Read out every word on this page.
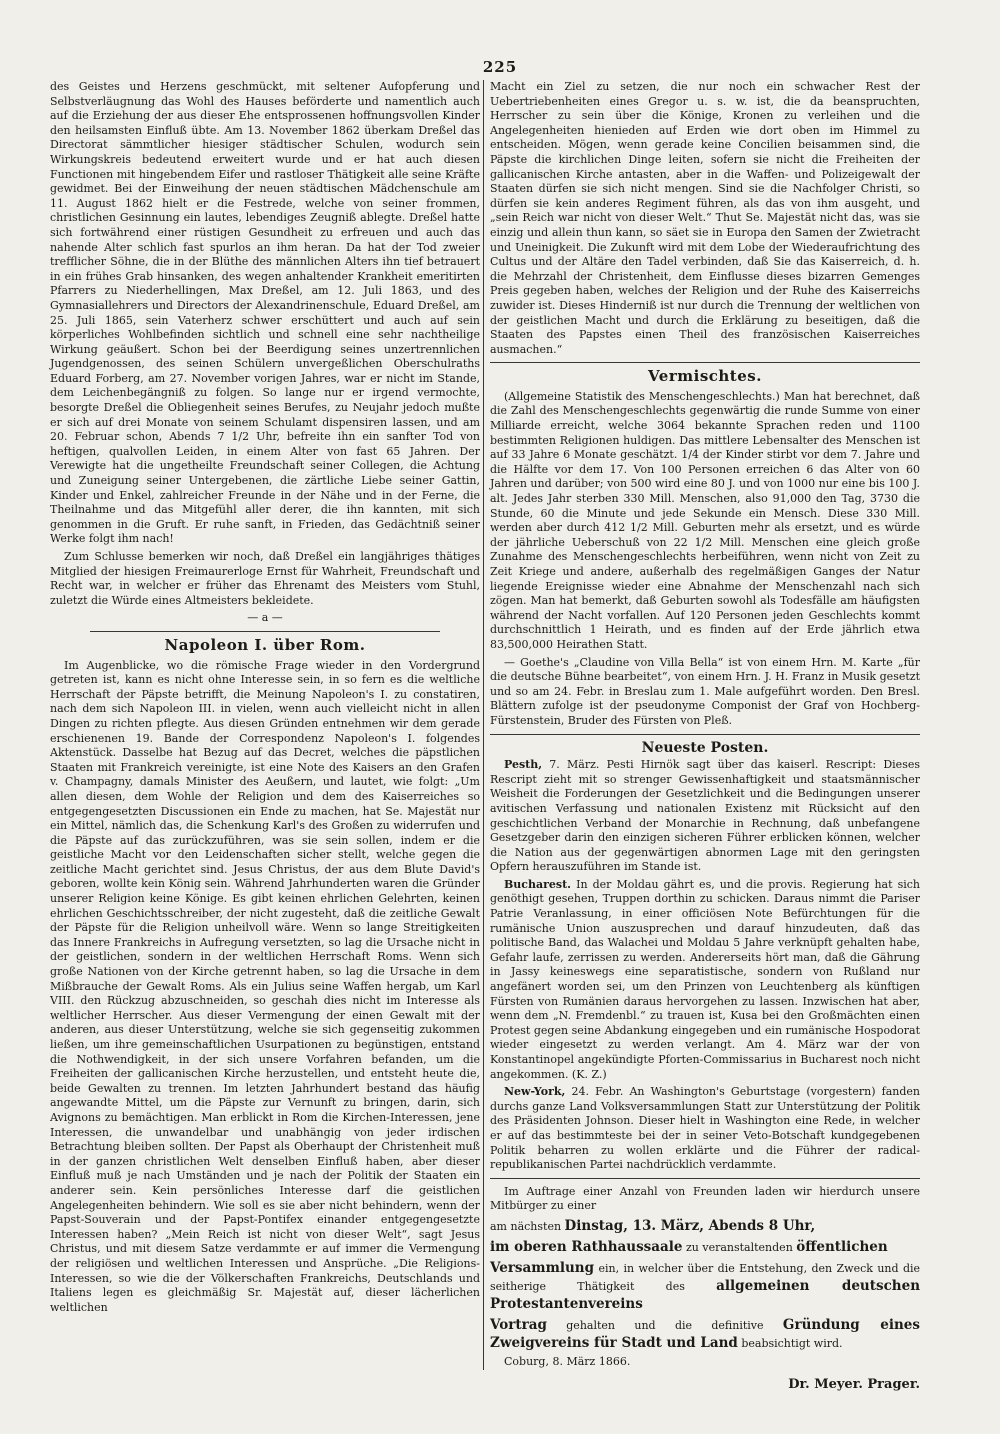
225

des Geistes und Herzens geschmückt, mit seltener Aufopferung und Selbstverläugnung das Wohl des Hauses beförderte und namentlich auch auf die Erziehung der aus dieser Ehe entsprossenen hoffnungsvollen Kinder den heilsamsten Einfluß übte. Am 13. November 1862 überkam Dreßel das Directorat sämmtlicher hiesiger städtischer Schulen, wodurch sein Wirkungskreis bedeutend erweitert wurde und er hat auch diesen Functionen mit hingebendem Eifer und rastloser Thätigkeit alle seine Kräfte gewidmet. Bei der Einweihung der neuen städtischen Mädchenschule am 11. August 1862 hielt er die Festrede, welche von seiner frommen, christlichen Gesinnung ein lautes, lebendiges Zeugniß ablegte. Dreßel hatte sich fortwährend einer rüstigen Gesundheit zu erfreuen und auch das nahende Alter schlich fast spurlos an ihm heran. Da hat der Tod zweier trefflicher Söhne, die in der Blüthe des männlichen Alters ihn tief betrauert in ein frühes Grab hinsanken, des wegen anhaltender Krankheit emeritirten Pfarrers zu Niederhellingen, Max Dreßel, am 12. Juli 1863, und des Gymnasiallehrers und Directors der Alexandrinenschule, Eduard Dreßel, am 25. Juli 1865, sein Vaterherz schwer erschüttert und auch auf sein körperliches Wohlbefinden sichtlich und schnell eine sehr nachtheilige Wirkung geäußert. Schon bei der Beerdigung seines unzertrennlichen Jugendgenossen, des seinen Schülern unvergeßlichen Oberschulraths Eduard Forberg, am 27. November vorigen Jahres, war er nicht im Stande, dem Leichenbegängniß zu folgen. So lange nur er irgend vermochte, besorgte Dreßel die Obliegenheit seines Berufes, zu Neujahr jedoch mußte er sich auf drei Monate von seinem Schulamt dispensiren lassen, und am 20. Februar schon, Abends 7 1/2 Uhr, befreite ihn ein sanfter Tod von heftigen, qualvollen Leiden, in einem Alter von fast 65 Jahren. Der Verewigte hat die ungetheilte Freundschaft seiner Collegen, die Achtung und Zuneigung seiner Untergebenen, die zärtliche Liebe seiner Gattin, Kinder und Enkel, zahlreicher Freunde in der Nähe und in der Ferne, die Theilnahme und das Mitgefühl aller derer, die ihn kannten, mit sich genommen in die Gruft. Er ruhe sanft, in Frieden, das Gedächtniß seiner Werke folgt ihm nach!

Zum Schlusse bemerken wir noch, daß Dreßel ein langjähriges thätiges Mitglied der hiesigen Freimaurerloge Ernst für Wahrheit, Freundschaft und Recht war, in welcher er früher das Ehrenamt des Meisters vom Stuhl, zuletzt die Würde eines Altmeisters bekleidete.

— a —
Napoleon I. über Rom.

Im Augenblicke, wo die römische Frage wieder in den Vordergrund getreten ist, kann es nicht ohne Interesse sein, in so fern es die weltliche Herrschaft der Päpste betrifft, die Meinung Napoleon's I. zu constatiren, nach dem sich Napoleon III. in vielen, wenn auch vielleicht nicht in allen Dingen zu richten pflegte. Aus diesen Gründen entnehmen wir dem gerade erschienenen 19. Bande der Correspondenz Napoleon's I. folgendes Aktenstück. Dasselbe hat Bezug auf das Decret, welches die päpstlichen Staaten mit Frankreich vereinigte, ist eine Note des Kaisers an den Grafen v. Champagny, damals Minister des Aeußern, und lautet, wie folgt: „Um allen diesen, dem Wohle der Religion und dem des Kaiserreiches so entgegengesetzten Discussionen ein Ende zu machen, hat Se. Majestät nur ein Mittel, nämlich das, die Schenkung Karl's des Großen zu widerrufen und die Päpste auf das zurückzuführen, was sie sein sollen, indem er die geistliche Macht vor den Leidenschaften sicher stellt, welche gegen die zeitliche Macht gerichtet sind. Jesus Christus, der aus dem Blute David's geboren, wollte kein König sein. Während Jahrhunderten waren die Gründer unserer Religion keine Könige. Es gibt keinen ehrlichen Gelehrten, keinen ehrlichen Geschichtsschreiber, der nicht zugesteht, daß die zeitliche Gewalt der Päpste für die Religion unheilvoll wäre. Wenn so lange Streitigkeiten das Innere Frankreichs in Aufregung versetzten, so lag die Ursache nicht in der geistlichen, sondern in der weltlichen Herrschaft Roms. Wenn sich große Nationen von der Kirche getrennt haben, so lag die Ursache in dem Mißbrauche der Gewalt Roms. Als ein Julius seine Waffen hergab, um Karl VIII. den Rückzug abzuschneiden, so geschah dies nicht im Interesse als weltlicher Herrscher. Aus dieser Vermengung der einen Gewalt mit der anderen, aus dieser Unterstützung, welche sie sich gegenseitig zukommen ließen, um ihre gemeinschaftlichen Usurpationen zu begünstigen, entstand die Nothwendigkeit, in der sich unsere Vorfahren befanden, um die Freiheiten der gallicanischen Kirche herzustellen, und entsteht heute die, beide Gewalten zu trennen. Im letzten Jahrhundert bestand das häufig angewandte Mittel, um die Päpste zur Vernunft zu bringen, darin, sich Avignons zu bemächtigen. Man erblickt in Rom die Kirchen-Interessen, jene Interessen, die unwandelbar und unabhängig von jeder irdischen Betrachtung bleiben sollten. Der Papst als Oberhaupt der Christenheit muß in der ganzen christlichen Welt denselben Einfluß haben, aber dieser Einfluß muß je nach Umständen und je nach der Politik der Staaten ein anderer sein. Kein persönliches Interesse darf die geistlichen Angelegenheiten behindern. Wie soll es sie aber nicht behindern, wenn der Papst-Souverain und der Papst-Pontifex einander entgegengesetzte Interessen haben? „Mein Reich ist nicht von dieser Welt“, sagt Jesus Christus, und mit diesem Satze verdammte er auf immer die Vermengung der religiösen und weltlichen Interessen und Ansprüche. „Die Religions-Interessen, so wie die der Völkerschaften Frankreichs, Deutschlands und Italiens legen es gleichmäßig Sr. Majestät auf, dieser lächerlichen weltlichen

Macht ein Ziel zu setzen, die nur noch ein schwacher Rest der Uebertriebenheiten eines Gregor u. s. w. ist, die da beanspruchten, Herrscher zu sein über die Könige, Kronen zu verleihen und die Angelegenheiten hienieden auf Erden wie dort oben im Himmel zu entscheiden. Mögen, wenn gerade keine Concilien beisammen sind, die Päpste die kirchlichen Dinge leiten, sofern sie nicht die Freiheiten der gallicanischen Kirche antasten, aber in die Waffen- und Polizeigewalt der Staaten dürfen sie sich nicht mengen. Sind sie die Nachfolger Christi, so dürfen sie kein anderes Regiment führen, als das von ihm ausgeht, und „sein Reich war nicht von dieser Welt.“ Thut Se. Majestät nicht das, was sie einzig und allein thun kann, so säet sie in Europa den Samen der Zwietracht und Uneinigkeit. Die Zukunft wird mit dem Lobe der Wiederaufrichtung des Cultus und der Altäre den Tadel verbinden, daß Sie das Kaiserreich, d. h. die Mehrzahl der Christenheit, dem Einflusse dieses bizarren Gemenges Preis gegeben haben, welches der Religion und der Ruhe des Kaiserreichs zuwider ist. Dieses Hinderniß ist nur durch die Trennung der weltlichen von der geistlichen Macht und durch die Erklärung zu beseitigen, daß die Staaten des Papstes einen Theil des französischen Kaiserreiches ausmachen.“

Vermischtes.

(Allgemeine Statistik des Menschengeschlechts.) Man hat berechnet, daß die Zahl des Menschengeschlechts gegenwärtig die runde Summe von einer Milliarde erreicht, welche 3064 bekannte Sprachen reden und 1100 bestimmten Religionen huldigen. Das mittlere Lebensalter des Menschen ist auf 33 Jahre 6 Monate geschätzt. 1/4 der Kinder stirbt vor dem 7. Jahre und die Hälfte vor dem 17. Von 100 Personen erreichen 6 das Alter von 60 Jahren und darüber; von 500 wird eine 80 J. und von 1000 nur eine bis 100 J. alt. Jedes Jahr sterben 330 Mill. Menschen, also 91,000 den Tag, 3730 die Stunde, 60 die Minute und jede Sekunde ein Mensch. Diese 330 Mill. werden aber durch 412 1/2 Mill. Geburten mehr als ersetzt, und es würde der jährliche Ueberschuß von 22 1/2 Mill. Menschen eine gleich große Zunahme des Menschengeschlechts herbeiführen, wenn nicht von Zeit zu Zeit Kriege und andere, außerhalb des regelmäßigen Ganges der Natur liegende Ereignisse wieder eine Abnahme der Menschenzahl nach sich zögen. Man hat bemerkt, daß Geburten sowohl als Todesfälle am häufigsten während der Nacht vorfallen. Auf 120 Personen jeden Geschlechts kommt durchschnittlich 1 Heirath, und es finden auf der Erde jährlich etwa 83,500,000 Heirathen Statt.

— Goethe's „Claudine von Villa Bella“ ist von einem Hrn. M. Karte „für die deutsche Bühne bearbeitet“, von einem Hrn. J. H. Franz in Musik gesetzt und so am 24. Febr. in Breslau zum 1. Male aufgeführt worden. Den Bresl. Blättern zufolge ist der pseudonyme Componist der Graf von Hochberg-Fürstenstein, Bruder des Fürsten von Pleß.

Neueste Posten.

Pesth, 7. März. Pesti Hirnök sagt über das kaiserl. Rescript: Dieses Rescript zieht mit so strenger Gewissenhaftigkeit und staatsmännischer Weisheit die Forderungen der Gesetzlichkeit und die Bedingungen unserer avitischen Verfassung und nationalen Existenz mit Rücksicht auf den geschichtlichen Verband der Monarchie in Rechnung, daß unbefangene Gesetzgeber darin den einzigen sicheren Führer erblicken können, welcher die Nation aus der gegenwärtigen abnormen Lage mit den geringsten Opfern herauszuführen im Stande ist.

Bucharest. In der Moldau gährt es, und die provis. Regierung hat sich genöthigt gesehen, Truppen dorthin zu schicken. Daraus nimmt die Pariser Patrie Veranlassung, in einer officiösen Note Befürchtungen für die rumänische Union auszusprechen und darauf hinzudeuten, daß das politische Band, das Walachei und Moldau 5 Jahre verknüpft gehalten habe, Gefahr laufe, zerrissen zu werden. Andererseits hört man, daß die Gährung in Jassy keineswegs eine separatistische, sondern von Rußland nur angefänert worden sei, um den Prinzen von Leuchtenberg als künftigen Fürsten von Rumänien daraus hervorgehen zu lassen. Inzwischen hat aber, wenn dem „N. Fremdenbl.“ zu trauen ist, Kusa bei den Großmächten einen Protest gegen seine Abdankung eingegeben und ein rumänische Hospodorat wieder eingesetzt zu werden verlangt. Am 4. März war der von Konstantinopel angekündigte Pforten-Commissarius in Bucharest noch nicht angekommen. (K. Z.)

New-York, 24. Febr. An Washington's Geburtstage (vorgestern) fanden durchs ganze Land Volksversammlungen Statt zur Unterstützung der Politik des Präsidenten Johnson. Dieser hielt in Washington eine Rede, in welcher er auf das bestimmteste bei der in seiner Veto-Botschaft kundgegebenen Politik beharren zu wollen erklärte und die Führer der radical-republikanischen Partei nachdrücklich verdammte.

Im Auftrage einer Anzahl von Freunden laden wir hierdurch unsere Mitbürger zu einer

am nächsten Dinstag, 13. März, Abends 8 Uhr,

im oberen Rathhaussaale zu veranstaltenden öffentlichen

Versammlung ein, in welcher über die Entstehung, den Zweck und die seitherige Thätigkeit des allgemeinen deutschen Protestantenvereins

Vortrag gehalten und die definitive Gründung eines Zweigvereins für Stadt und Land beabsichtigt wird.

Coburg, 8. März 1866.

Dr. Meyer. Prager.
